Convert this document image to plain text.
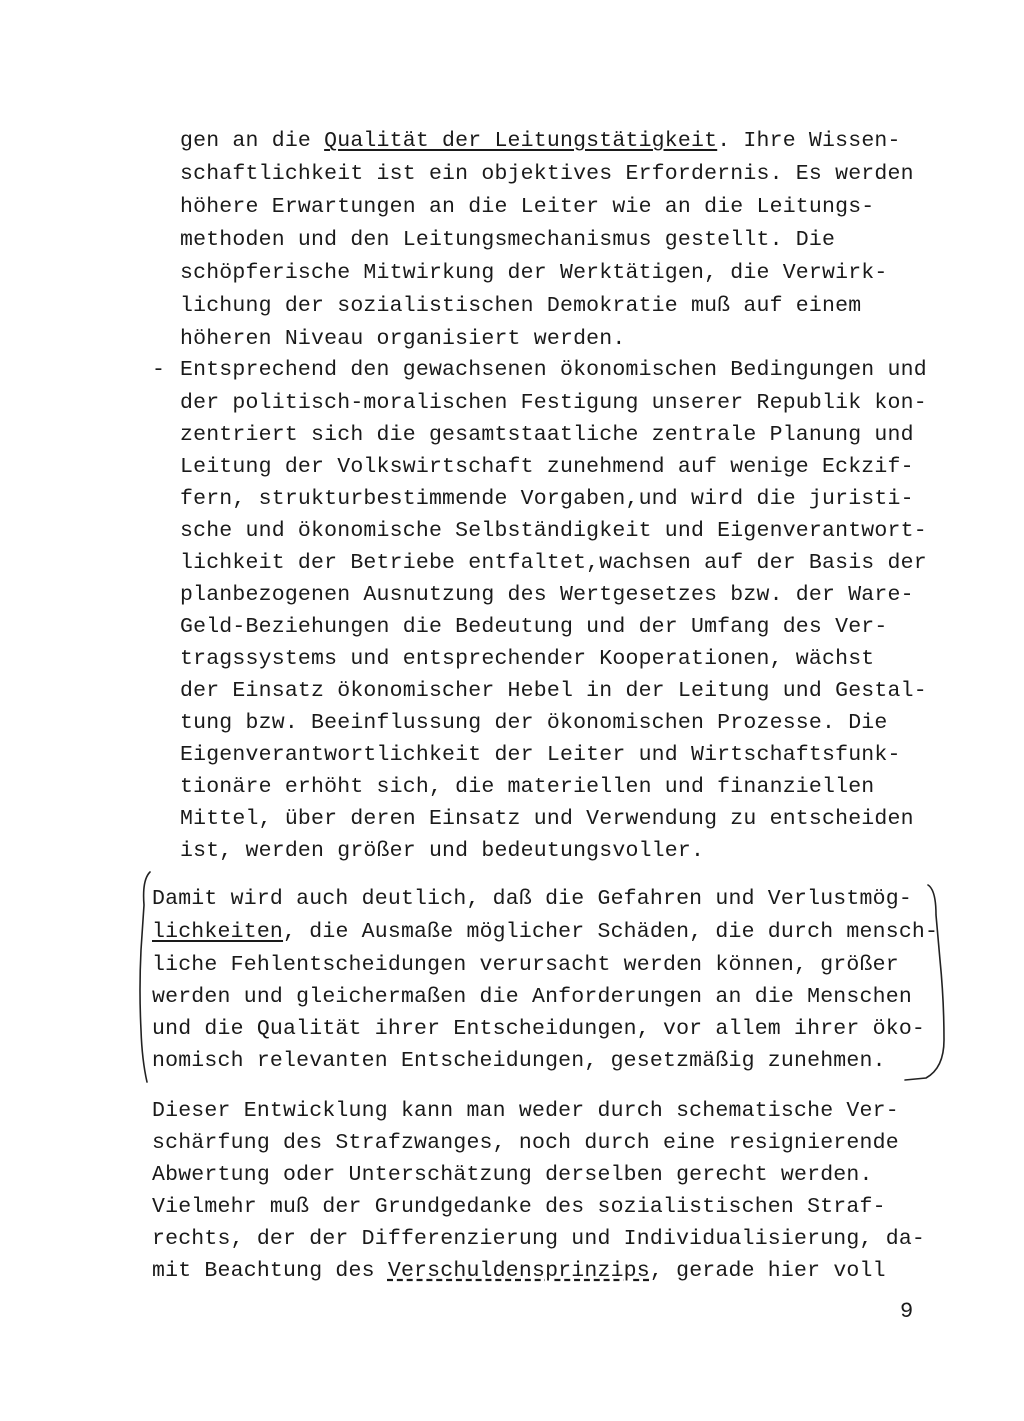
gen an die Qualität der Leitungstätigkeit. Ihre Wissen-

schaftlichkeit ist ein objektives Erfordernis. Es werden

höhere Erwartungen an die Leiter wie an die Leitungs-

methoden und den Leitungsmechanismus gestellt. Die

schöpferische Mitwirkung der Werktätigen, die Verwirk-

lichung der sozialistischen Demokratie muß auf einem

höheren Niveau organisiert werden.

- Entsprechend den gewachsenen ökonomischen Bedingungen und

der politisch-moralischen Festigung unserer Republik kon-

zentriert sich die gesamtstaatliche zentrale Planung und

Leitung der Volkswirtschaft zunehmend auf wenige Eckzif-

fern, strukturbestimmende Vorgaben,und wird die juristi-

sche und ökonomische Selbständigkeit und Eigenverantwort-

lichkeit der Betriebe entfaltet,wachsen auf der Basis der

planbezogenen Ausnutzung des Wertgesetzes bzw. der Ware-

Geld-Beziehungen die Bedeutung und der Umfang des Ver-

tragssystems und entsprechender Kooperationen, wächst

der Einsatz ökonomischer Hebel in der Leitung und Gestal-

tung bzw. Beeinflussung der ökonomischen Prozesse. Die

Eigenverantwortlichkeit der Leiter und Wirtschaftsfunk-

tionäre erhöht sich, die materiellen und finanziellen

Mittel, über deren Einsatz und Verwendung zu entscheiden

ist, werden größer und bedeutungsvoller.

Damit wird auch deutlich, daß die Gefahren und Verlustmög-

lichkeiten, die Ausmaße möglicher Schäden, die durch mensch-

liche Fehlentscheidungen verursacht werden können, größer

werden und gleichermaßen die Anforderungen an die Menschen

und die Qualität ihrer Entscheidungen, vor allem ihrer öko-

nomisch relevanten Entscheidungen, gesetzmäßig zunehmen.

Dieser Entwicklung kann man weder durch schematische Ver-

schärfung des Strafzwanges, noch durch eine resignierende

Abwertung oder Unterschätzung derselben gerecht werden.

Vielmehr muß der Grundgedanke des sozialistischen Straf-

rechts, der der Differenzierung und Individualisierung, da-

mit Beachtung des Verschuldensprinzips, gerade hier voll

9
